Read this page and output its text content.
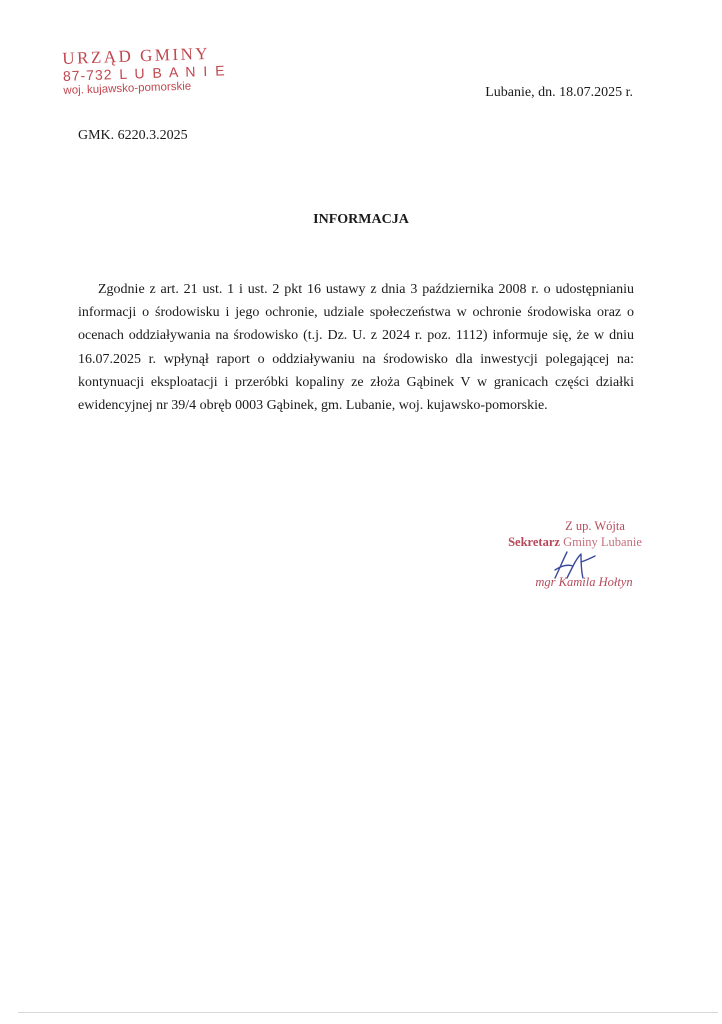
URZĄD GMINY
87-732 L U B A N I E
woj. kujawsko-pomorskie	Lubanie, dn. 18.07.2025 r.
GMK. 6220.3.2025
INFORMACJA
Zgodnie z art. 21 ust. 1 i ust. 2 pkt 16 ustawy z dnia 3 października 2008 r. o udostępnianiu informacji o środowisku i jego ochronie, udziale społeczeństwa w ochronie środowiska oraz o ocenach oddziaływania na środowisko (t.j. Dz. U. z 2024 r. poz. 1112) informuje się, że w dniu 16.07.2025 r. wpłynął raport o oddziaływaniu na środowisko dla inwestycji polegającej na: kontynuacji eksploatacji i przeróbki kopaliny ze złoża Gąbinek V w granicach części działki ewidencyjnej nr 39/4 obręb 0003 Gąbinek, gm. Lubanie, woj. kujawsko-pomorskie.
Z up. Wójta
Sekretarz Gminy Lubanie
mgr Kamila Hołtyn
